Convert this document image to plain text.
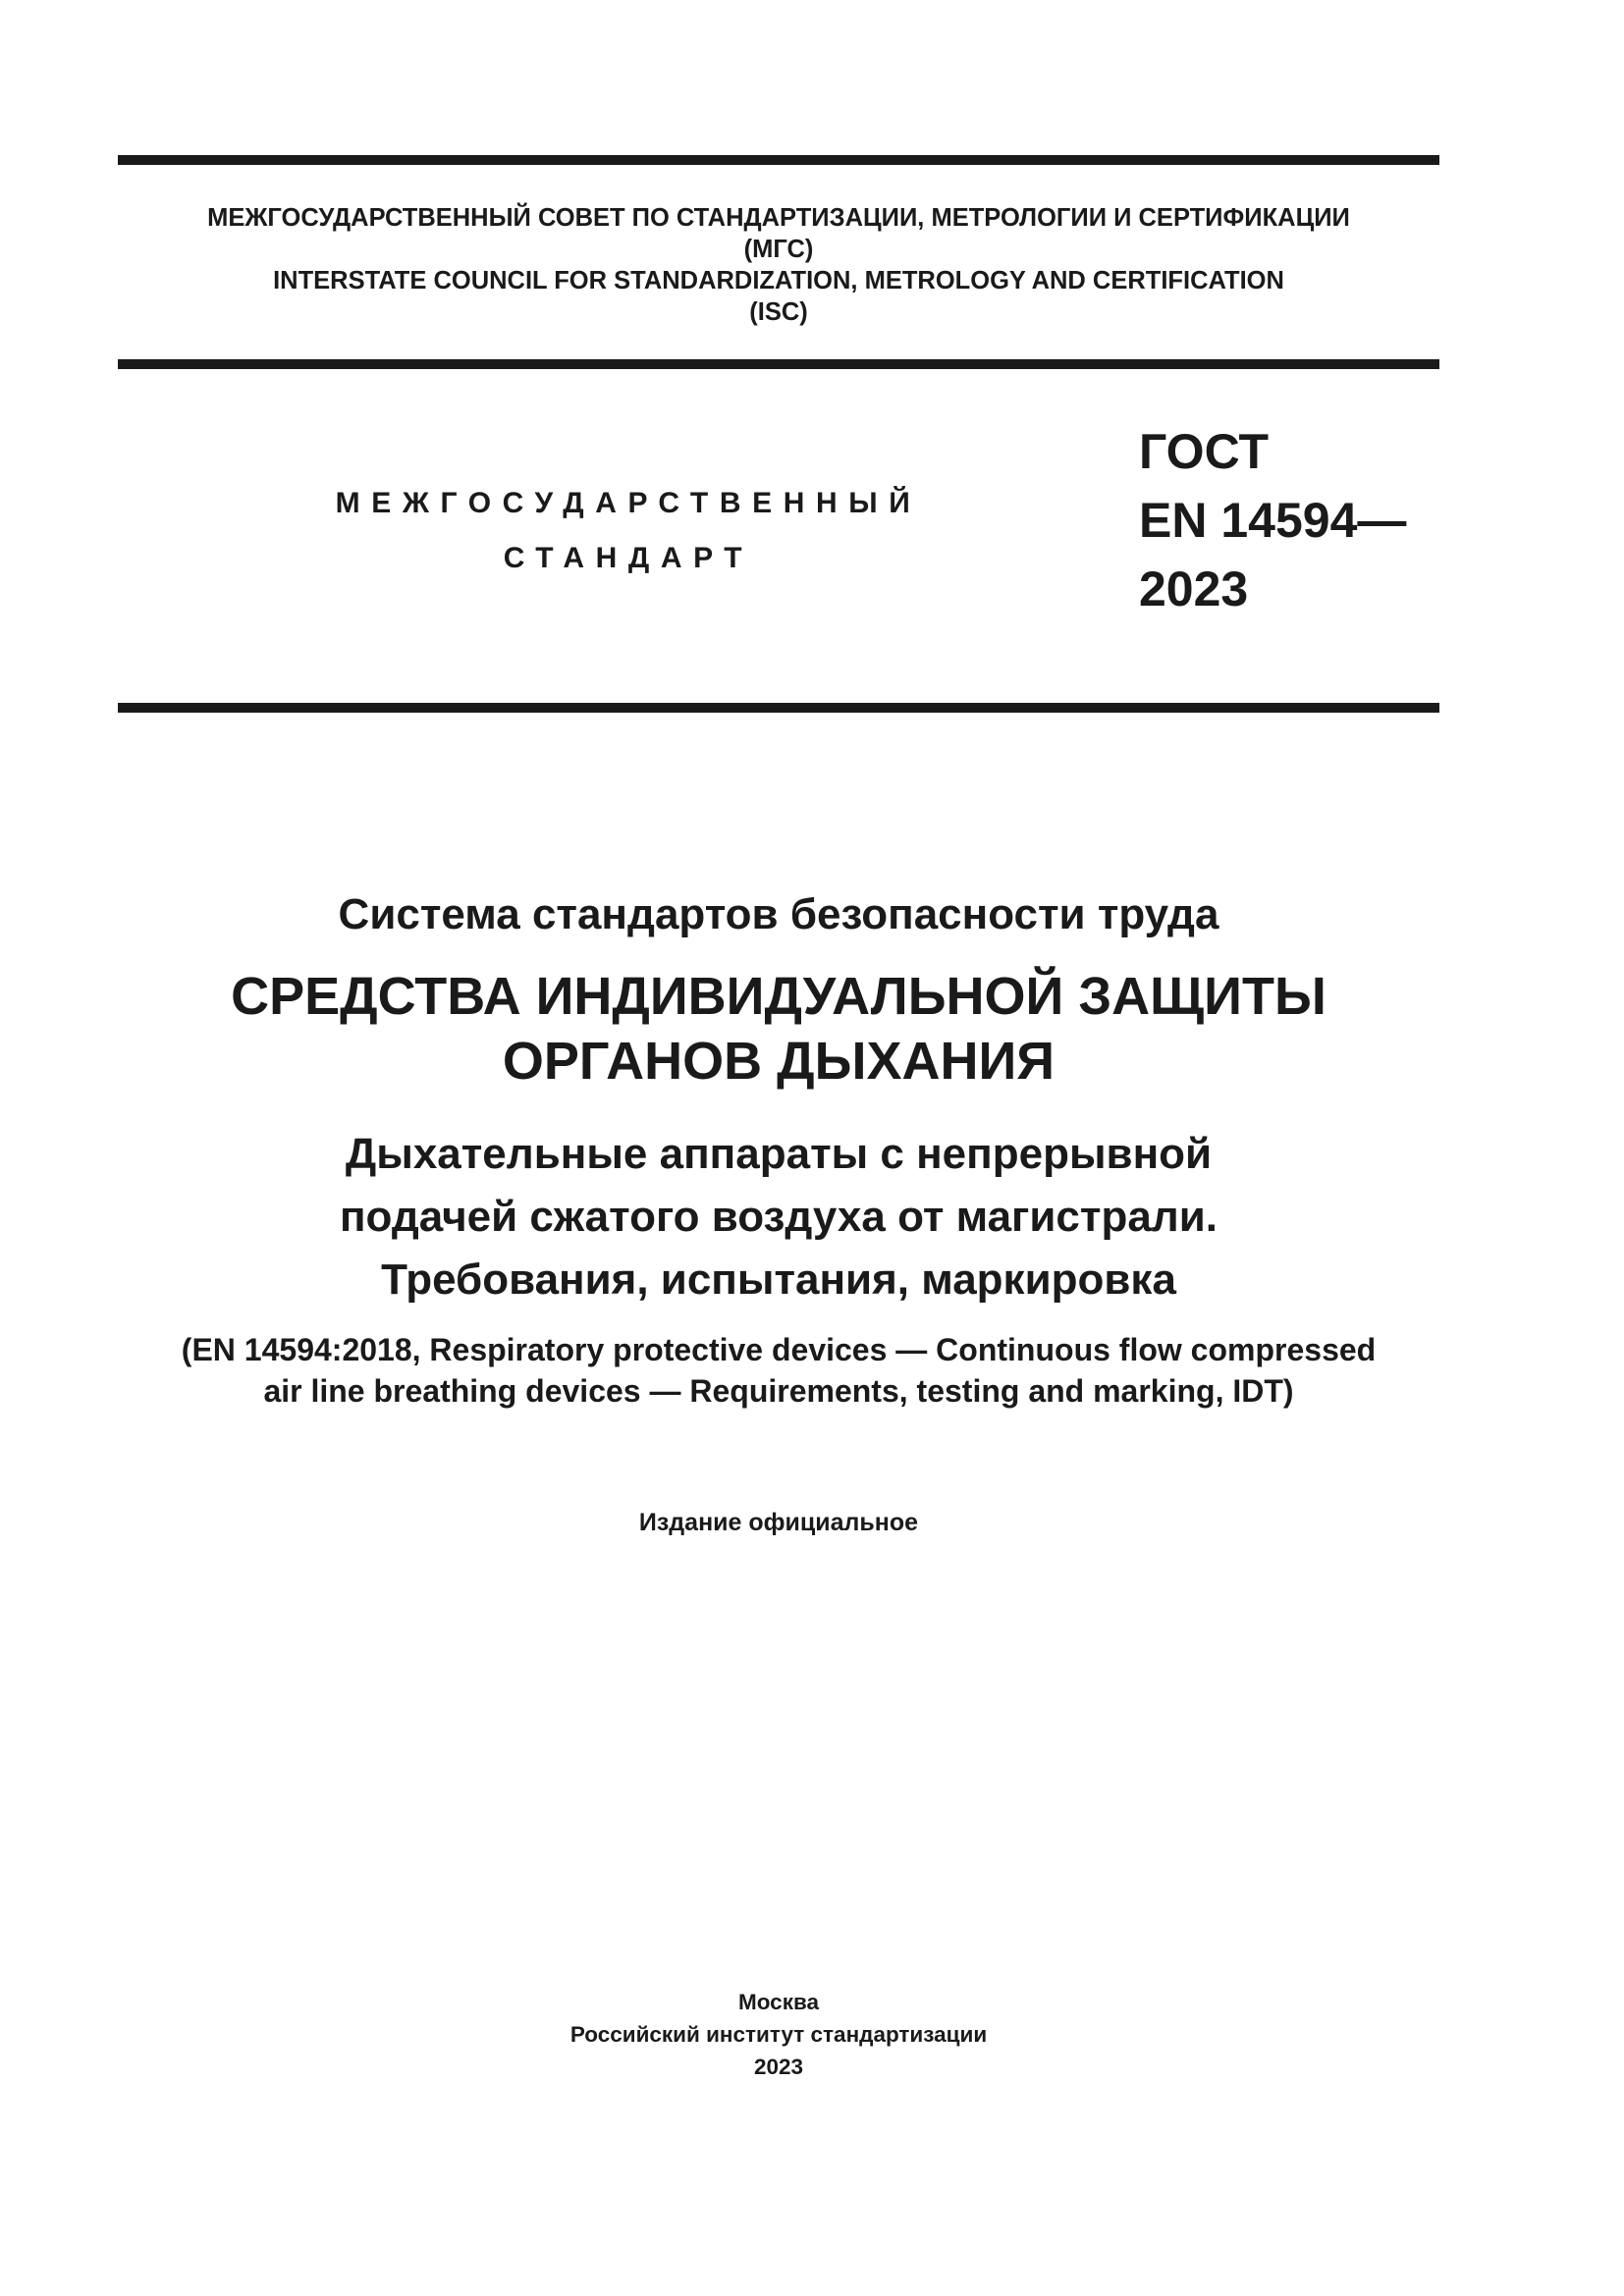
МЕЖГОСУДАРСТВЕННЫЙ СОВЕТ ПО СТАНДАРТИЗАЦИИ, МЕТРОЛОГИИ И СЕРТИФИКАЦИИ
(МГС)
INTERSTATE COUNCIL FOR STANDARDIZATION, METROLOGY AND CERTIFICATION
(ISC)
МЕЖГОСУДАРСТВЕННЫЙ
СТАНДАРТ
ГОСТ
EN 14594—
2023
Система стандартов безопасности труда
СРЕДСТВА ИНДИВИДУАЛЬНОЙ ЗАЩИТЫ
ОРГАНОВ ДЫХАНИЯ
Дыхательные аппараты с непрерывной
подачей сжатого воздуха от магистрали.
Требования, испытания, маркировка
(EN 14594:2018, Respiratory protective devices — Continuous flow compressed
air line breathing devices — Requirements, testing and marking, IDT)
Издание официальное
Москва
Российский институт стандартизации
2023
